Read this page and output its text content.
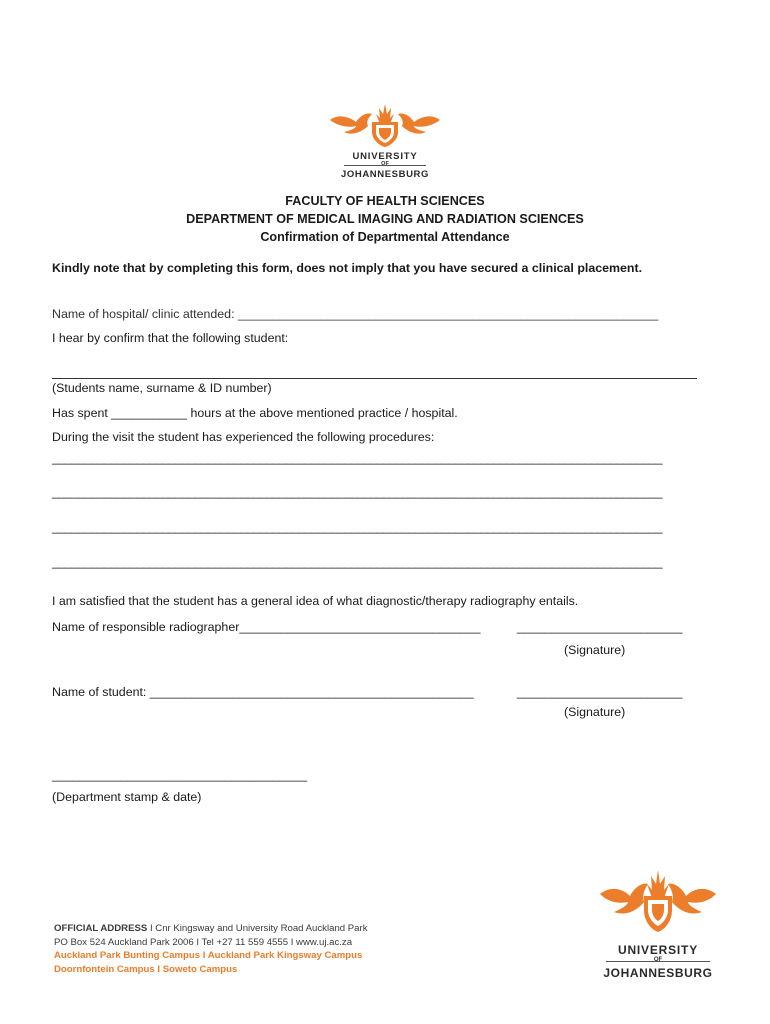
UNIVERSITY
OF
JOHANNESBURG
FACULTY OF HEALTH SCIENCES
DEPARTMENT OF MEDICAL IMAGING AND RADIATION SCIENCES
Confirmation of Departmental Attendance
Kindly note that by completing this form, does not imply that you have secured a clinical placement.
Name of hospital/ clinic attended: _____________________________________________________________
I hear by confirm that the following student:
(Students name, surname & ID number)
Has spent ___________ hours at the above mentioned practice / hospital.
During the visit the student has experienced the following procedures:
______________________________________________________________________________________________
______________________________________________________________________________________________
______________________________________________________________________________________________
______________________________________________________________________________________________
I am satisfied that the student has a general idea of what diagnostic/therapy radiography entails.
Name of responsible radiographer___________________________________	________________________
(Signature)
Name of student: _______________________________________________	________________________
(Signature)
_____________________________________
(Department stamp & date)
OFFICIAL ADDRESS I Cnr Kingsway and University Road Auckland Park
PO Box 524 Auckland Park 2006 I Tel +27 11 559 4555 I www.uj.ac.za
Auckland Park Bunting Campus I Auckland Park Kingsway Campus
Doornfontein Campus I Soweto Campus
UNIVERSITY
OF
JOHANNESBURG
